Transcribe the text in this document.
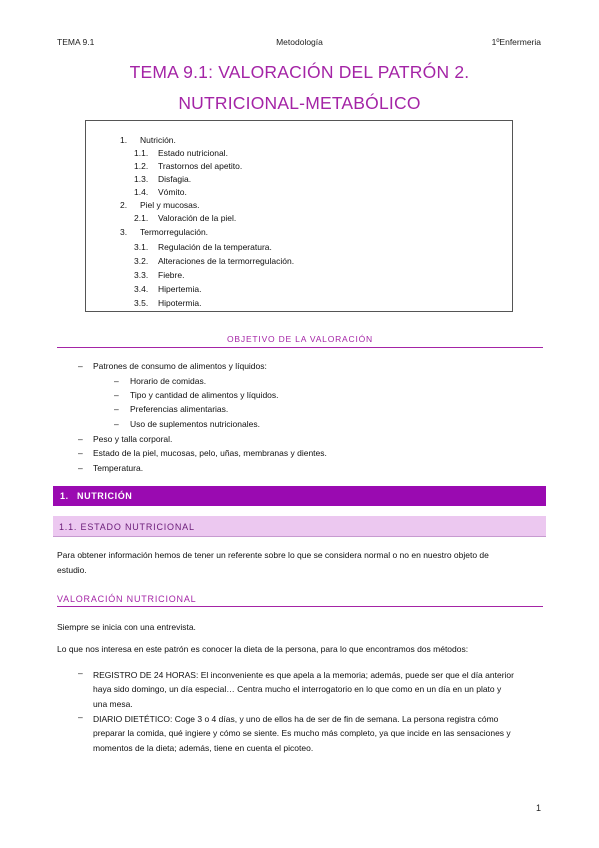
TEMA 9.1	Metodología	1ºEnfermeria
TEMA 9.1: VALORACIÓN DEL PATRÓN 2.
NUTRICIONAL-METABÓLICO
1. Nutrición.
1.1. Estado nutricional.
1.2. Trastornos del apetito.
1.3. Disfagia.
1.4. Vómito.
2. Piel y mucosas.
2.1. Valoración de la piel.
3. Termorregulación.
3.1. Regulación de la temperatura.
3.2. Alteraciones de la termorregulación.
3.3. Fiebre.
3.4. Hipertemia.
3.5. Hipotermia.
OBJETIVO DE LA VALORACIÓN
– Patrones de consumo de alimentos y líquidos:
– Horario de comidas.
– Tipo y cantidad de alimentos y líquidos.
– Preferencias alimentarias.
– Uso de suplementos nutricionales.
– Peso y talla corporal.
– Estado de la piel, mucosas, pelo, uñas, membranas y dientes.
– Temperatura.
1. NUTRICIÓN
1.1. ESTADO NUTRICIONAL
Para obtener información hemos de tener un referente sobre lo que se considera normal o no en nuestro objeto de
estudio.
VALORACIÓN NUTRICIONAL
Siempre se inicia con una entrevista.
Lo que nos interesa en este patrón es conocer la dieta de la persona, para lo que encontramos dos métodos:
– REGISTRO DE 24 HORAS: El inconveniente es que apela a la memoria; además, puede ser que el día anterior
haya sido domingo, un día especial… Centra mucho el interrogatorio en lo que como en un día en un plato y
una mesa.
– DIARIO DIETÉTICO: Coge 3 o 4 días, y uno de ellos ha de ser de fin de semana. La persona registra cómo
preparar la comida, qué ingiere y cómo se siente. Es mucho más completo, ya que incide en las sensaciones y
momentos de la dieta; además, tiene en cuenta el picoteo.
1
